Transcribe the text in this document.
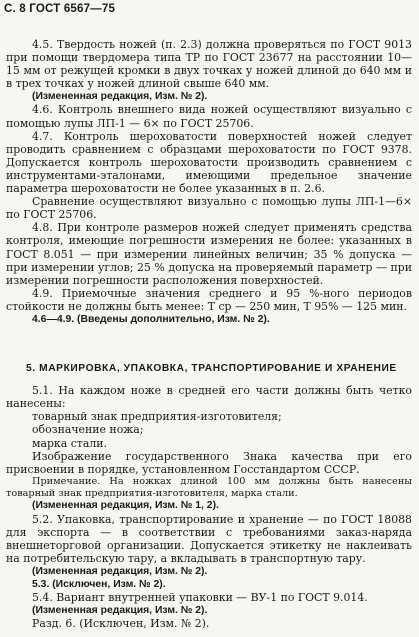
С. 8 ГОСТ 6567—75

4.5. Твердость ножей (п. 2.3) должна проверяться по ГОСТ 9013 при помощи твердомера типа ТР по ГОСТ 23677 на расстоянии 10—15 мм от режущей кромки в двух точках у ножей длиной до 640 мм и в трех точках у ножей длиной свыше 640 мм.

(Измененная редакция, Изм. № 2).

4.6. Контроль внешнего вида ножей осуществляют визуально с помощью лупы ЛП-1 — 6× по ГОСТ 25706.

4.7. Контроль шероховатости поверхностей ножей следует проводить сравнением с образцами шероховатости по ГОСТ 9378. Допускается контроль шероховатости производить сравнением с инструментами-эталонами, имеющими предельное значение параметра шероховатости не более указанных в п. 2.6.

Сравнение осуществляют визуально с помощью лупы ЛП-1—6× по ГОСТ 25706.

4.8. При контроле размеров ножей следует применять средства контроля, имеющие погрешности измерения не более: указанных в ГОСТ 8.051 — при измерении линейных величин; 35 % допуска — при измерении углов; 25 % допуска на проверяемый параметр — при измерении погрешности расположения поверхностей.

4.9. Приемочные значения среднего и 95 %-ного периодов стойкости не должны быть менее: Т ср — 250 мин, Т 95% — 125 мин.

4.6—4.9. (Введены дополнительно, Изм. № 2).

5. МАРКИРОВКА, УПАКОВКА, ТРАНСПОРТИРОВАНИЕ И ХРАНЕНИЕ

5.1. На каждом ноже в средней его части должны быть четко нанесены:

товарный знак предприятия-изготовителя;

обозначение ножа;

марка стали.

Изображение государственного Знака качества при его присвоении в порядке, установленном Госстандартом СССР.

Примечание. На ножках длиной 100 мм должны быть нанесены товарный знак предприятия-изготовителя, марка стали.

(Измененная редакция, Изм. № 1, 2).

5.2. Упаковка, транспортирование и хранение — по ГОСТ 18088 для экспорта — в соответствии с требованиями заказ-наряда внешнеторговой организации. Допускается этикетку не наклеивать на потребительскую тару, а вкладывать в транспортную тару.

(Измененная редакция, Изм. № 2).

5.3. (Исключен, Изм. № 2).

5.4. Вариант внутренней упаковки — ВУ-1 по ГОСТ 9.014.

(Измененная редакция, Изм. № 2).

Разд. 6. (Исключен, Изм. № 2).
